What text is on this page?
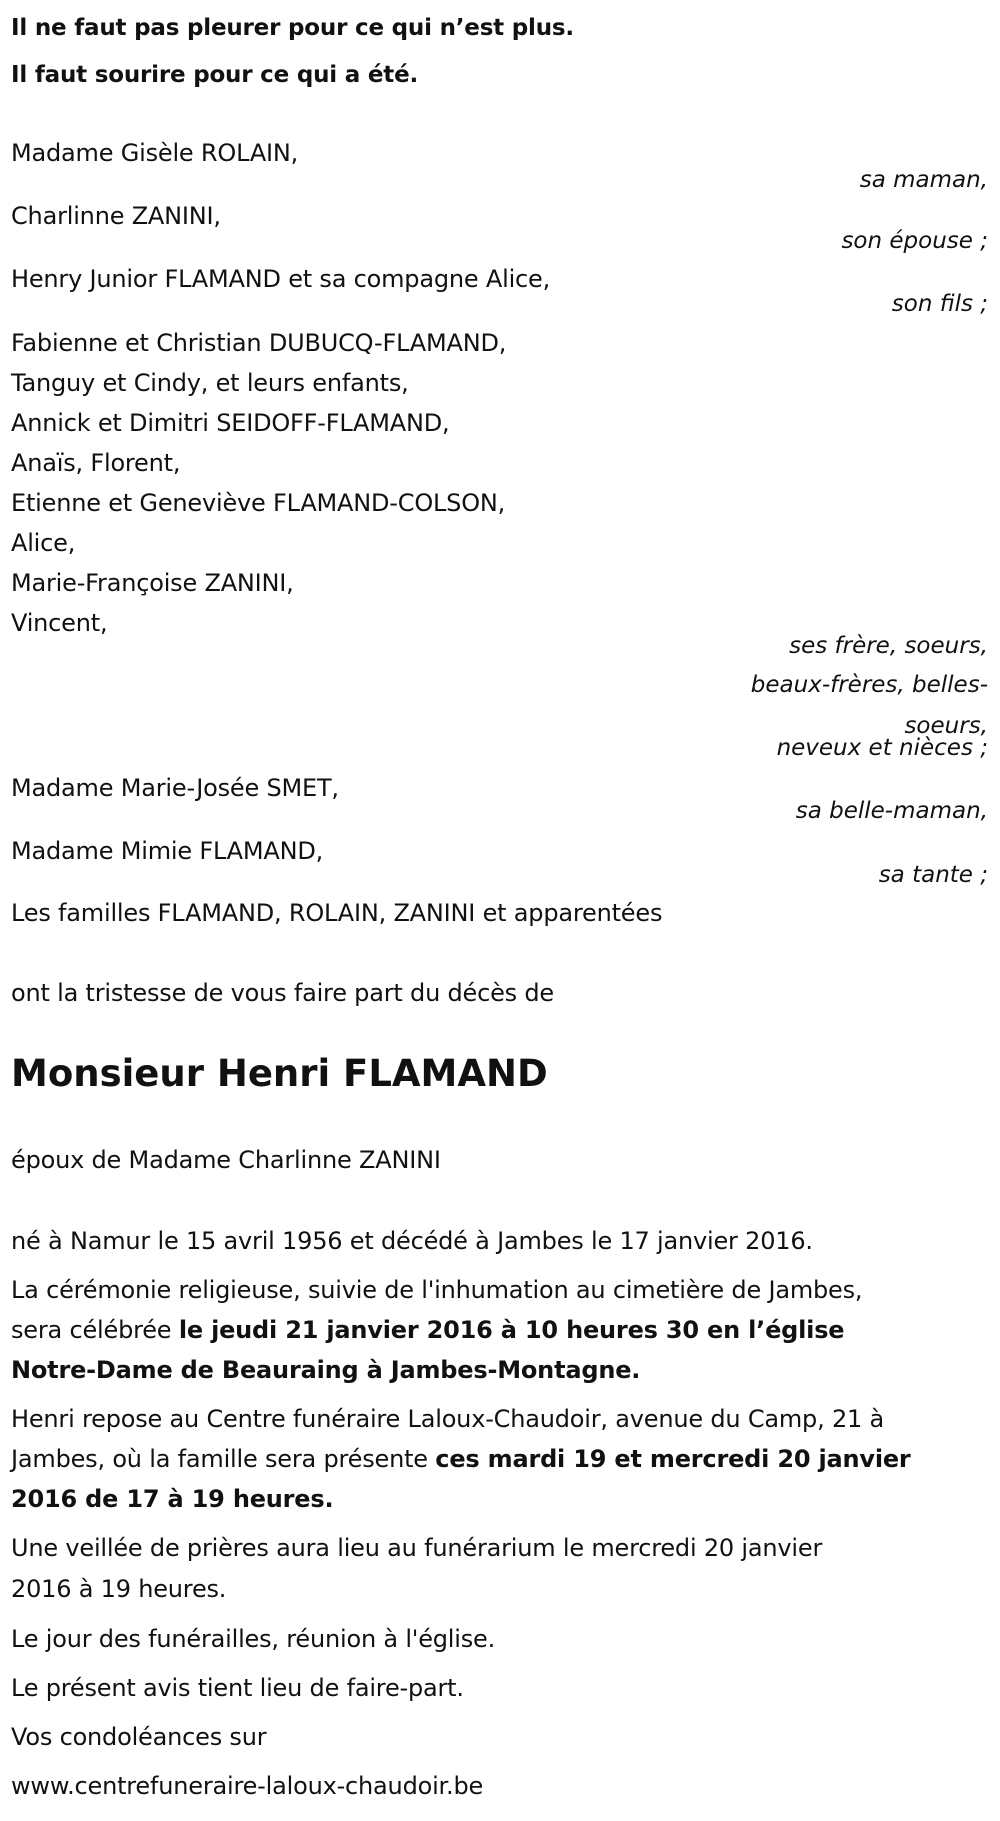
Il ne faut pas pleurer pour ce qui n’est plus.
Il faut sourire pour ce qui a été.
Madame Gisèle ROLAIN,
sa maman,
Charlinne ZANINI,
son épouse ;
Henry Junior FLAMAND et sa compagne Alice,
son fils ;
Fabienne et Christian DUBUCQ-FLAMAND,
Tanguy et Cindy, et leurs enfants,
Annick et Dimitri SEIDOFF-FLAMAND,
Anaïs, Florent,
Etienne et Geneviève FLAMAND-COLSON,
Alice,
Marie-Françoise ZANINI,
Vincent,
ses frère, soeurs,
beaux-frères, belles-
soeurs,
neveux et nièces ;
Madame Marie-Josée SMET,
sa belle-maman,
Madame Mimie FLAMAND,
sa tante ;
Les familles FLAMAND, ROLAIN, ZANINI et apparentées
ont la tristesse de vous faire part du décès de
Monsieur Henri FLAMAND
époux de Madame Charlinne ZANINI
né à Namur le 15 avril 1956 et décédé à Jambes le 17 janvier 2016.
La cérémonie religieuse, suivie de l'inhumation au cimetière de Jambes,
sera célébrée le jeudi 21 janvier 2016 à 10 heures 30 en l’église
Notre-Dame de Beauraing à Jambes-Montagne.
Henri repose au Centre funéraire Laloux-Chaudoir, avenue du Camp, 21 à
Jambes, où la famille sera présente ces mardi 19 et mercredi 20 janvier
2016 de 17 à 19 heures.
Une veillée de prières aura lieu au funérarium le mercredi 20 janvier
2016 à 19 heures.
Le jour des funérailles, réunion à l'église.
Le présent avis tient lieu de faire-part.
Vos condoléances sur
www.centrefuneraire-laloux-chaudoir.be
